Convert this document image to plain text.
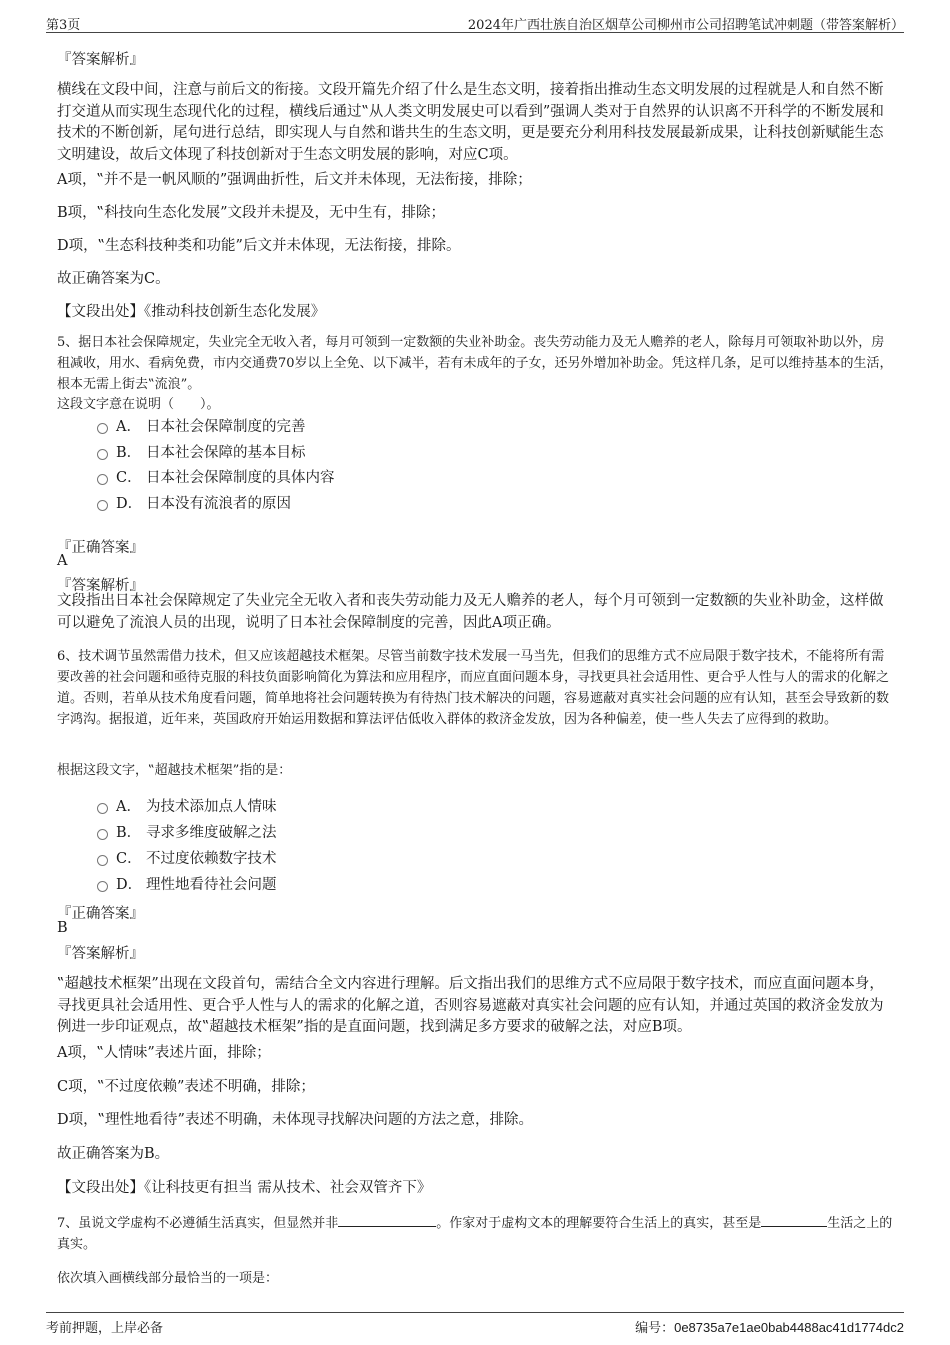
第3页	2024年广西壮族自治区烟草公司柳州市公司招聘笔试冲刺题（带答案解析）
『答案解析』
横线在文段中间，注意与前后文的衔接。文段开篇先介绍了什么是生态文明，接着指出推动生态文明发展的过程就是人和自然不断打交道从而实现生态现代化的过程，横线后通过‟从人类文明发展史可以看到”强调人类对于自然界的认识离不开科学的不断发展和技术的不断创新，尾句进行总结，即实现人与自然和谐共生的生态文明，更是要充分利用科技发展最新成果，让科技创新赋能生态文明建设，故后文体现了科技创新对于生态文明发展的影响，对应C项。
A项，‟并不是一帆风顺的”强调曲折性，后文并未体现，无法衔接，排除；
B项，‟科技向生态化发展”文段并未提及，无中生有，排除；
D项，‟生态科技种类和功能”后文并未体现，无法衔接，排除。
故正确答案为C。
【文段出处】《推动科技创新生态化发展》
5、据日本社会保障规定，失业完全无收入者，每月可领到一定数额的失业补助金。丧失劳动能力及无人赡养的老人，除每月可领取补助以外，房租减收，用水、看病免费，市内交通费70岁以上全免、以下减半，若有未成年的子女，还另外增加补助金。凭这样几条，足可以维持基本的生活，根本无需上街去‟流浪”。
这段文字意在说明（　　）。
A． 日本社会保障制度的完善
B． 日本社会保障的基本目标
C． 日本社会保障制度的具体内容
D． 日本没有流浪者的原因
『正确答案』
A
『答案解析』
文段指出日本社会保障规定了失业完全无收入者和丧失劳动能力及无人赡养的老人，每个月可领到一定数额的失业补助金，这样做可以避免了流浪人员的出现，说明了日本社会保障制度的完善，因此A项正确。
6、技术调节虽然需借力技术，但又应该超越技术框架。尽管当前数字技术发展一马当先，但我们的思维方式不应局限于数字技术，不能将所有需要改善的社会问题和亟待克服的科技负面影响简化为算法和应用程序，而应直面问题本身，寻找更具社会适用性、更合乎人性与人的需求的化解之道。否则，若单从技术角度看问题，简单地将社会问题转换为有待热门技术解决的问题，容易遮蔽对真实社会问题的应有认知，甚至会导致新的数字鸿沟。据报道，近年来，英国政府开始运用数据和算法评估低收入群体的救济金发放，因为各种偏差，使一些人失去了应得到的救助。
根据这段文字，‟超越技术框架”指的是：
A． 为技术添加点人情味
B． 寻求多维度破解之法
C． 不过度依赖数字技术
D． 理性地看待社会问题
『正确答案』
B
『答案解析』
‟超越技术框架”出现在文段首句，需结合全文内容进行理解。后文指出我们的思维方式不应局限于数字技术，而应直面问题本身，寻找更具社会适用性、更合乎人性与人的需求的化解之道，否则容易遮蔽对真实社会问题的应有认知，并通过英国的救济金发放为例进一步印证观点，故‟超越技术框架”指的是直面问题，找到满足多方要求的破解之法，对应B项。
A项，‟人情味”表述片面，排除；
C项，‟不过度依赖”表述不明确，排除；
D项，‟理性地看待”表述不明确，未体现寻找解决问题的方法之意，排除。
故正确答案为B。
【文段出处】《让科技更有担当 需从技术、社会双管齐下》
7、虽说文学虚构不必遵循生活真实，但显然并非	。作家对于虚构文本的理解要符合生活上的真实，甚至是	生活之上的真实。
依次填入画横线部分最恰当的一项是：
考前押题，上岸必备	编号：0e8735a7e1ae0bab4488ac41d1774dc2
